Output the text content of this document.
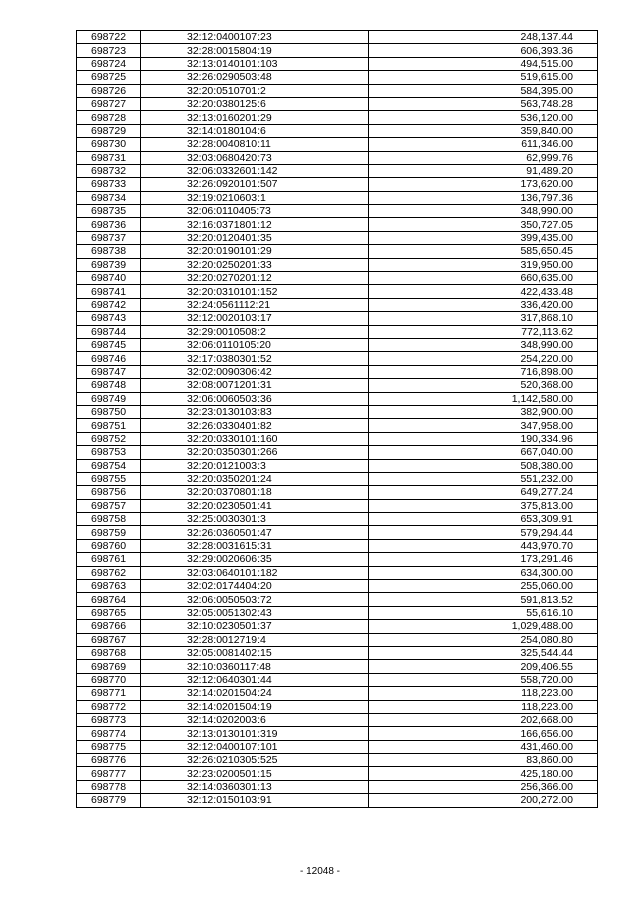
698722	32:12:0400107:23	248,137.44
698723	32:28:0015804:19	606,393.36
698724	32:13:0140101:103	494,515.00
698725	32:26:0290503:48	519,615.00
698726	32:20:0510701:2	584,395.00
698727	32:20:0380125:6	563,748.28
698728	32:13:0160201:29	536,120.00
698729	32:14:0180104:6	359,840.00
698730	32:28:0040810:11	611,346.00
698731	32:03:0680420:73	62,999.76
698732	32:06:0332601:142	91,489.20
698733	32:26:0920101:507	173,620.00
698734	32:19:0210603:1	136,797.36
698735	32:06:0110405:73	348,990.00
698736	32:16:0371801:12	350,727.05
698737	32:20:0120401:35	399,435.00
698738	32:20:0190101:29	585,650.45
698739	32:20:0250201:33	319,950.00
698740	32:20:0270201:12	660,635.00
698741	32:20:0310101:152	422,433.48
698742	32:24:0561112:21	336,420.00
698743	32:12:0020103:17	317,868.10
698744	32:29:0010508:2	772,113.62
698745	32:06:0110105:20	348,990.00
698746	32:17:0380301:52	254,220.00
698747	32:02:0090306:42	716,898.00
698748	32:08:0071201:31	520,368.00
698749	32:06:0060503:36	1,142,580.00
698750	32:23:0130103:83	382,900.00
698751	32:26:0330401:82	347,958.00
698752	32:20:0330101:160	190,334.96
698753	32:20:0350301:266	667,040.00
698754	32:20:0121003:3	508,380.00
698755	32:20:0350201:24	551,232.00
698756	32:20:0370801:18	649,277.24
698757	32:20:0230501:41	375,813.00
698758	32:25:0030301:3	653,309.91
698759	32:26:0360501:47	579,294.44
698760	32:28:0031615:31	443,970.70
698761	32:29:0020606:35	173,291.46
698762	32:03:0640101:182	634,300.00
698763	32:02:0174404:20	255,060.00
698764	32:06:0050503:72	591,813.52
698765	32:05:0051302:43	55,616.10
698766	32:10:0230501:37	1,029,488.00
698767	32:28:0012719:4	254,080.80
698768	32:05:0081402:15	325,544.44
698769	32:10:0360117:48	209,406.55
698770	32:12:0640301:44	558,720.00
698771	32:14:0201504:24	118,223.00
698772	32:14:0201504:19	118,223.00
698773	32:14:0202003:6	202,668.00
698774	32:13:0130101:319	166,656.00
698775	32:12:0400107:101	431,460.00
698776	32:26:0210305:525	83,860.00
698777	32:23:0200501:15	425,180.00
698778	32:14:0360301:13	256,366.00
698779	32:12:0150103:91	200,272.00
- 12048 -
